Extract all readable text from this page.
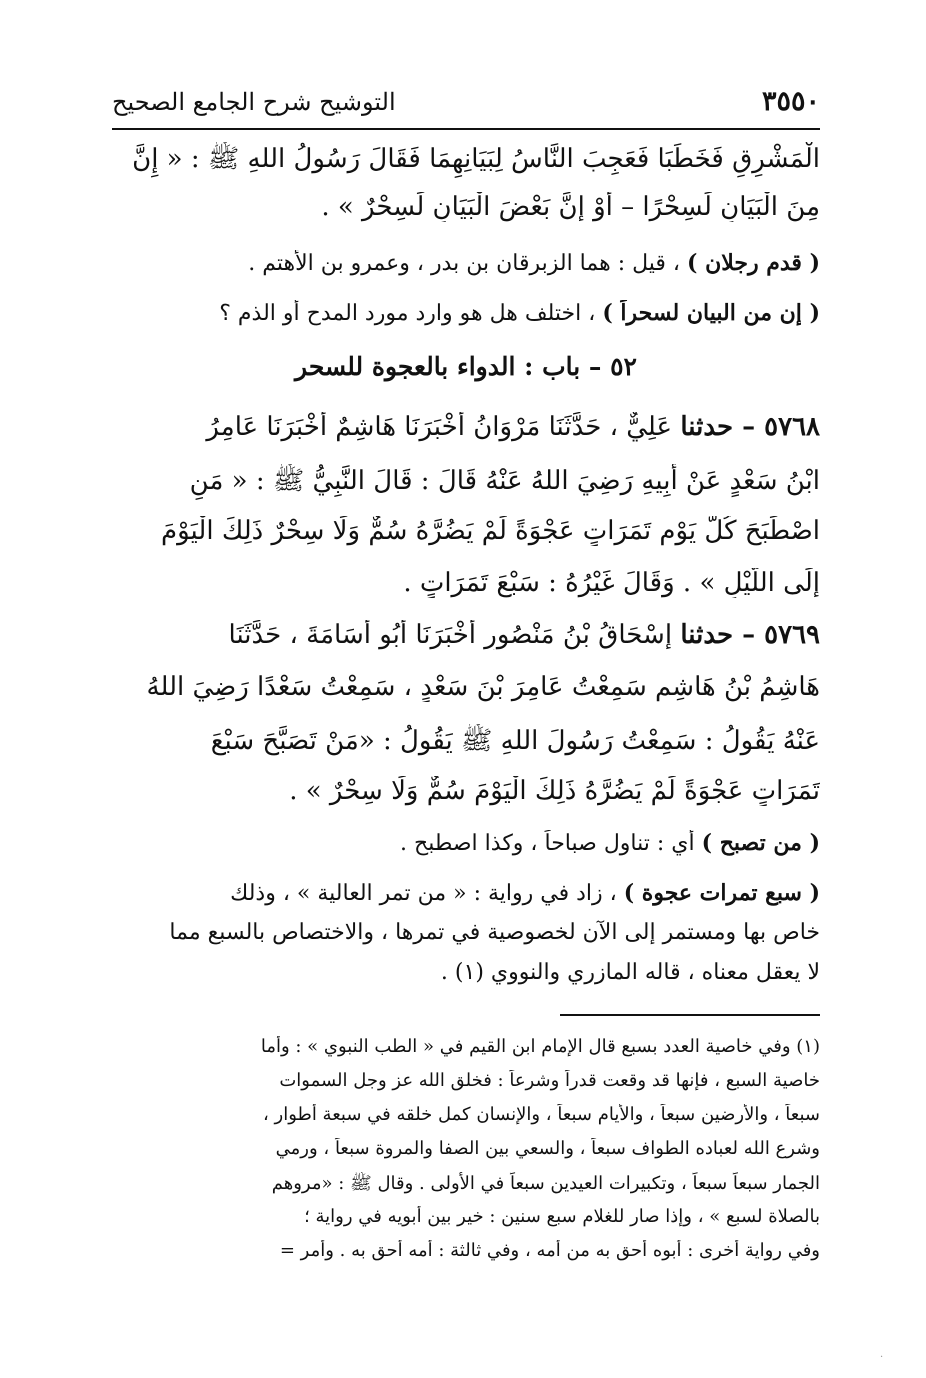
٣٥٥٠
التوشيح شرح الجامع الصحيح
الْمَشْرِقِ فَخَطَبَا فَعَجِبَ النَّاسُ لِبَيَانِهِمَا فَقَالَ رَسُولُ اللهِ ﷺ : « إِنَّ
مِنَ الْبَيَانِ لَسِحْرًا – أَوْ إِنَّ بَعْضَ الْبَيَانِ لَسِحْرٌ » .
( قدم رجلان ) ، قيل : هما الزبرقان بن بدر ، وعمرو بن الأهتم .
( إن من البيان لسحراً ) ، اختلف هل هو وارد مورد المدح أو الذم ؟
٥٢ – باب : الدواء بالعجوة للسحر
٥٧٦٨ – حدثنا عَلِيٌّ ، حَدَّثَنَا مَرْوَانُ أَخْبَرَنَا هَاشِمٌ أَخْبَرَنَا عَامِرُ
ابْنُ سَعْدٍ عَنْ أَبِيهِ رَضِيَ اللهُ عَنْهُ قَالَ : قَالَ النَّبِيُّ ﷺ : « مَنِ
اصْطَبَحَ كُلَّ يَوْمٍ تَمَرَاتٍ عَجْوَةً لَمْ يَضُرَّهُ سُمٌّ وَلَا سِحْرٌ ذَلِكَ الْيَوْمَ
إِلَى اللَّيْلِ » . وَقَالَ غَيْرُهُ : سَبْعَ تَمَرَاتٍ .
٥٧٦٩ – حدثنا إِسْحَاقُ بْنُ مَنْصُورٍ أَخْبَرَنَا أَبُو أُسَامَةَ ، حَدَّثَنَا
هَاشِمُ بْنُ هَاشِمٍ سَمِعْتُ عَامِرَ بْنَ سَعْدٍ ، سَمِعْتُ سَعْدًا رَضِيَ اللهُ
عَنْهُ يَقُولُ : سَمِعْتُ رَسُولَ اللهِ ﷺ يَقُولُ : «مَنْ تَصَبَّحَ سَبْعَ
تَمَرَاتٍ عَجْوَةً لَمْ يَضُرَّهُ ذَلِكَ الْيَوْمَ سُمٌّ وَلَا سِحْرٌ » .
( من تصبح ) أي : تناول صباحاً ، وكذا اصطبح .
( سبع تمرات عجوة ) ، زاد في رواية : « من تمر العالية » ، وذلك
خاص بها ومستمر إلى الآن لخصوصية في تمرها ، والاختصاص بالسبع مما
لا يعقل معناه ، قاله المازري والنووي (١) .
(١) وفي خاصية العدد بسبع قال الإمام ابن القيم في « الطب النبوي » : وأما
خاصية السبع ، فإنها قد وقعت قدراً وشرعاً : فخلق الله عز وجل السموات
سبعاً ، والأرضين سبعاً ، والأيام سبعاً ، والإنسان كمل خلقه في سبعة أطوار ،
وشرع الله لعباده الطواف سبعاً ، والسعي بين الصفا والمروة سبعاً ، ورمي
الجمار سبعاً سبعاً ، وتكبيرات العيدين سبعاً في الأولى . وقال ﷺ : «مروهم
بالصلاة لسبع » ، وإذا صار للغلام سبع سنين : خير بين أبويه في رواية ؛
وفي رواية أخرى : أبوه أحق به من أمه ، وفي ثالثة : أمه أحق به . وأمر =
·
